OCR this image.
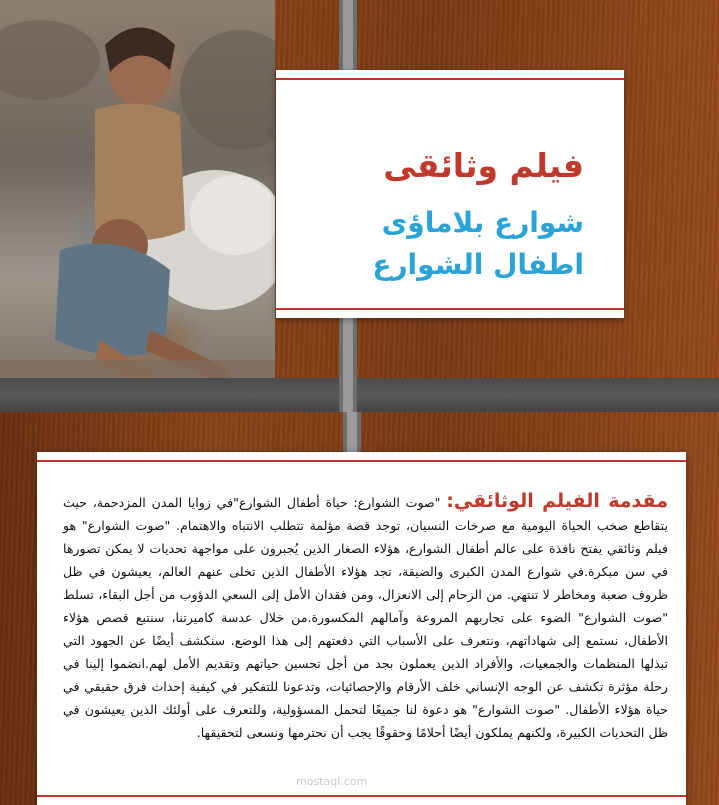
فيلم وثائقى
شوارع بلاماؤى
اطفال الشوارع

مقدمة الفيلم الوثائقي: "صوت الشوارع: حياة أطفال الشوارع"في زوايا المدن المزدحمة، حيث يتقاطع صخب الحياة اليومية مع صرخات النسيان، توجد قصة مؤلمة تتطلب الانتباه والاهتمام. "صوت الشوارع" هو فيلم وثائقي يفتح نافذة على عالم أطفال الشوارع، هؤلاء الصغار الذين يُجبرون على مواجهة تحديات لا يمكن تصورها في سن مبكرة.في شوارع المدن الكبرى والضيقة، تجد هؤلاء الأطفال الذين تخلى عنهم العالم، يعيشون في ظل ظروف صعبة ومخاطر لا تنتهي. من الزحام إلى الانعزال، ومن فقدان الأمل إلى السعي الدؤوب من أجل البقاء، تسلط "صوت الشوارع" الضوء على تجاربهم المروعة وآمالهم المكسورة.من خلال عدسة كاميرتنا، سنتبع قصص هؤلاء الأطفال، نستمع إلى شهاداتهم، ونتعرف على الأسباب التي دفعتهم إلى هذا الوضع. سنكشف أيضًا عن الجهود التي تبذلها المنظمات والجمعيات، والأفراد الذين يعملون بجد من أجل تحسين حياتهم وتقديم الأمل لهم.انضموا إلينا في رحلة مؤثرة تكشف عن الوجه الإنساني خلف الأرقام والإحصائيات، وتدعونا للتفكير في كيفية إحداث فرق حقيقي في حياة هؤلاء الأطفال. "صوت الشوارع" هو دعوة لنا جميعًا لتحمل المسؤولية، وللتعرف على أولئك الذين يعيشون في ظل التحديات الكبيرة، ولكنهم يملكون أيضًا أحلامًا وحقوقًا يجب أن نحترمها ونسعى لتحقيقها.

mostaql.com
